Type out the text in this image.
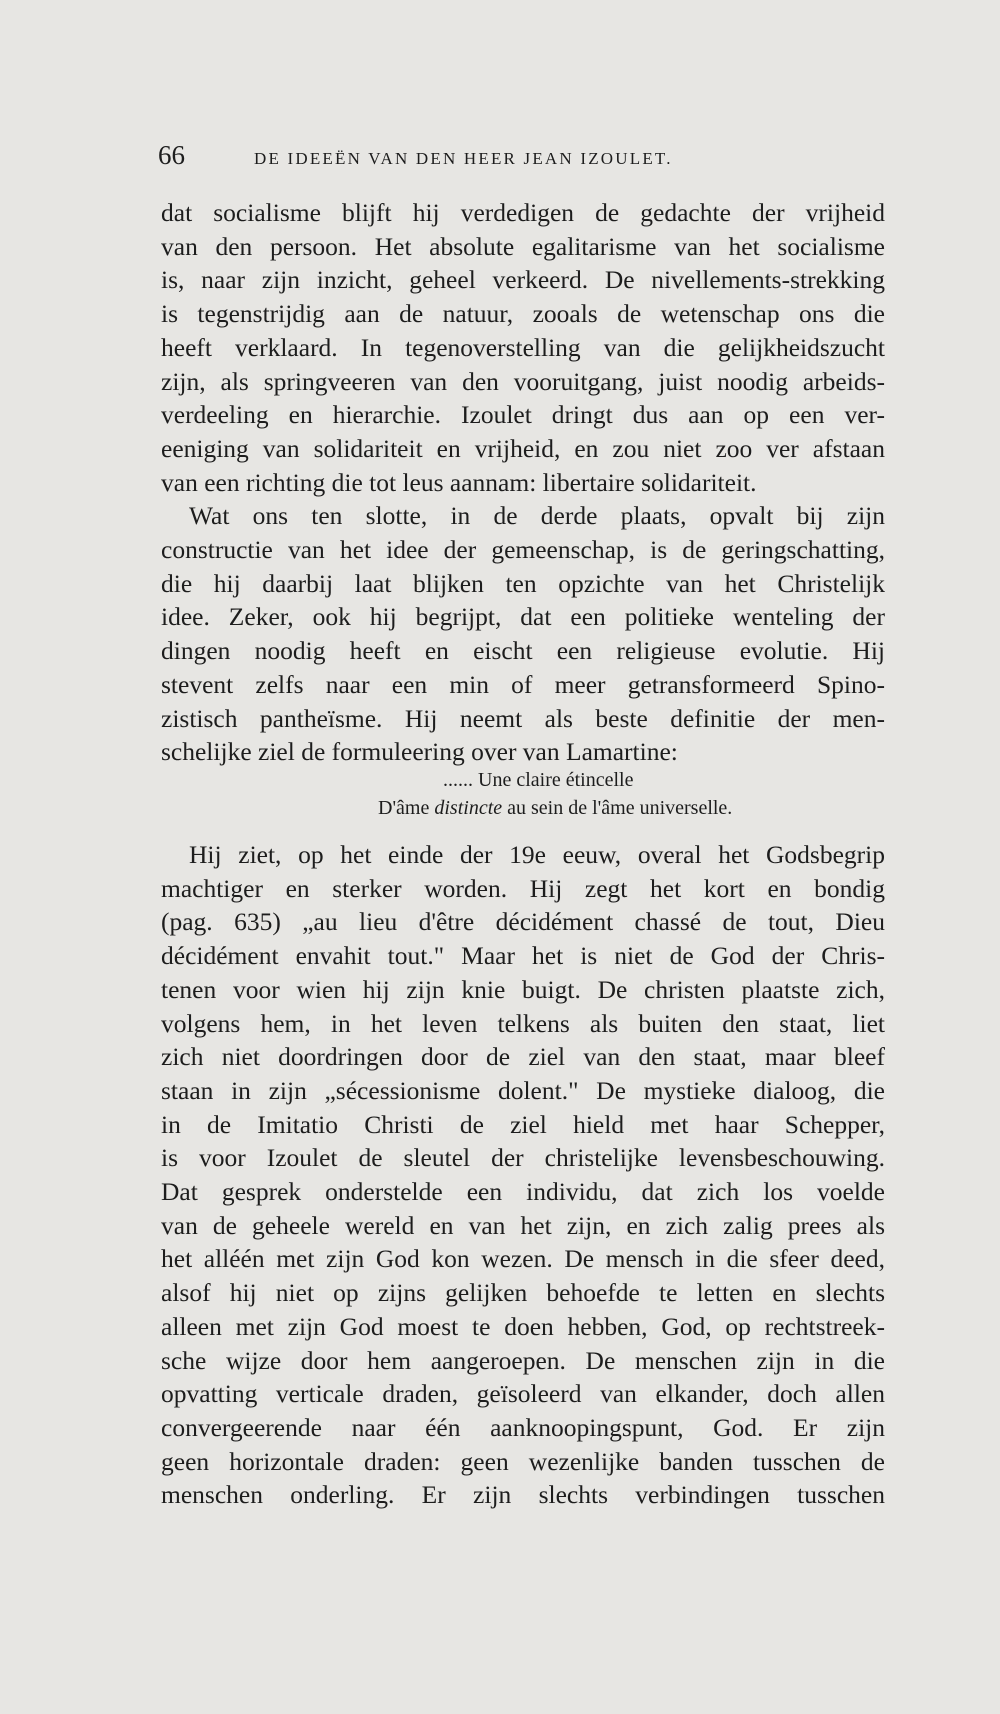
66	DE IDEEËN VAN DEN HEER JEAN IZOULET.
dat socialisme blijft hij verdedigen de gedachte der vrijheid
van den persoon. Het absolute egalitarisme van het socialisme
is, naar zijn inzicht, geheel verkeerd. De nivellements-strekking
is tegenstrijdig aan de natuur, zooals de wetenschap ons die
heeft verklaard. In tegenoverstelling van die gelijkheidszucht
zijn, als springveeren van den vooruitgang, juist noodig arbeids-
verdeeling en hierarchie. Izoulet dringt dus aan op een ver-
eeniging van solidariteit en vrijheid, en zou niet zoo ver afstaan
van een richting die tot leus aannam: libertaire solidariteit.
Wat ons ten slotte, in de derde plaats, opvalt bij zijn
constructie van het idee der gemeenschap, is de geringschatting,
die hij daarbij laat blijken ten opzichte van het Christelijk
idee. Zeker, ook hij begrijpt, dat een politieke wenteling der
dingen noodig heeft en eischt een religieuse evolutie. Hij
stevent zelfs naar een min of meer getransformeerd Spino-
zistisch pantheïsme. Hij neemt als beste definitie der men-
schelijke ziel de formuleering over van Lamartine:
...... Une claire étincelle
D'âme distincte au sein de l'âme universelle.
Hij ziet, op het einde der 19e eeuw, overal het Godsbegrip
machtiger en sterker worden. Hij zegt het kort en bondig
(pag. 635) „au lieu d'être décidément chassé de tout, Dieu
décidément envahit tout." Maar het is niet de God der Chris-
tenen voor wien hij zijn knie buigt. De christen plaatste zich,
volgens hem, in het leven telkens als buiten den staat, liet
zich niet doordringen door de ziel van den staat, maar bleef
staan in zijn „sécessionisme dolent." De mystieke dialoog, die
in de Imitatio Christi de ziel hield met haar Schepper,
is voor Izoulet de sleutel der christelijke levensbeschouwing.
Dat gesprek onderstelde een individu, dat zich los voelde
van de geheele wereld en van het zijn, en zich zalig prees als
het alléén met zijn God kon wezen. De mensch in die sfeer deed,
alsof hij niet op zijns gelijken behoefde te letten en slechts
alleen met zijn God moest te doen hebben, God, op rechtstreek-
sche wijze door hem aangeroepen. De menschen zijn in die
opvatting verticale draden, geïsoleerd van elkander, doch allen
convergeerende naar één aanknoopingspunt, God. Er zijn
geen horizontale draden: geen wezenlijke banden tusschen de
menschen onderling. Er zijn slechts verbindingen tusschen
